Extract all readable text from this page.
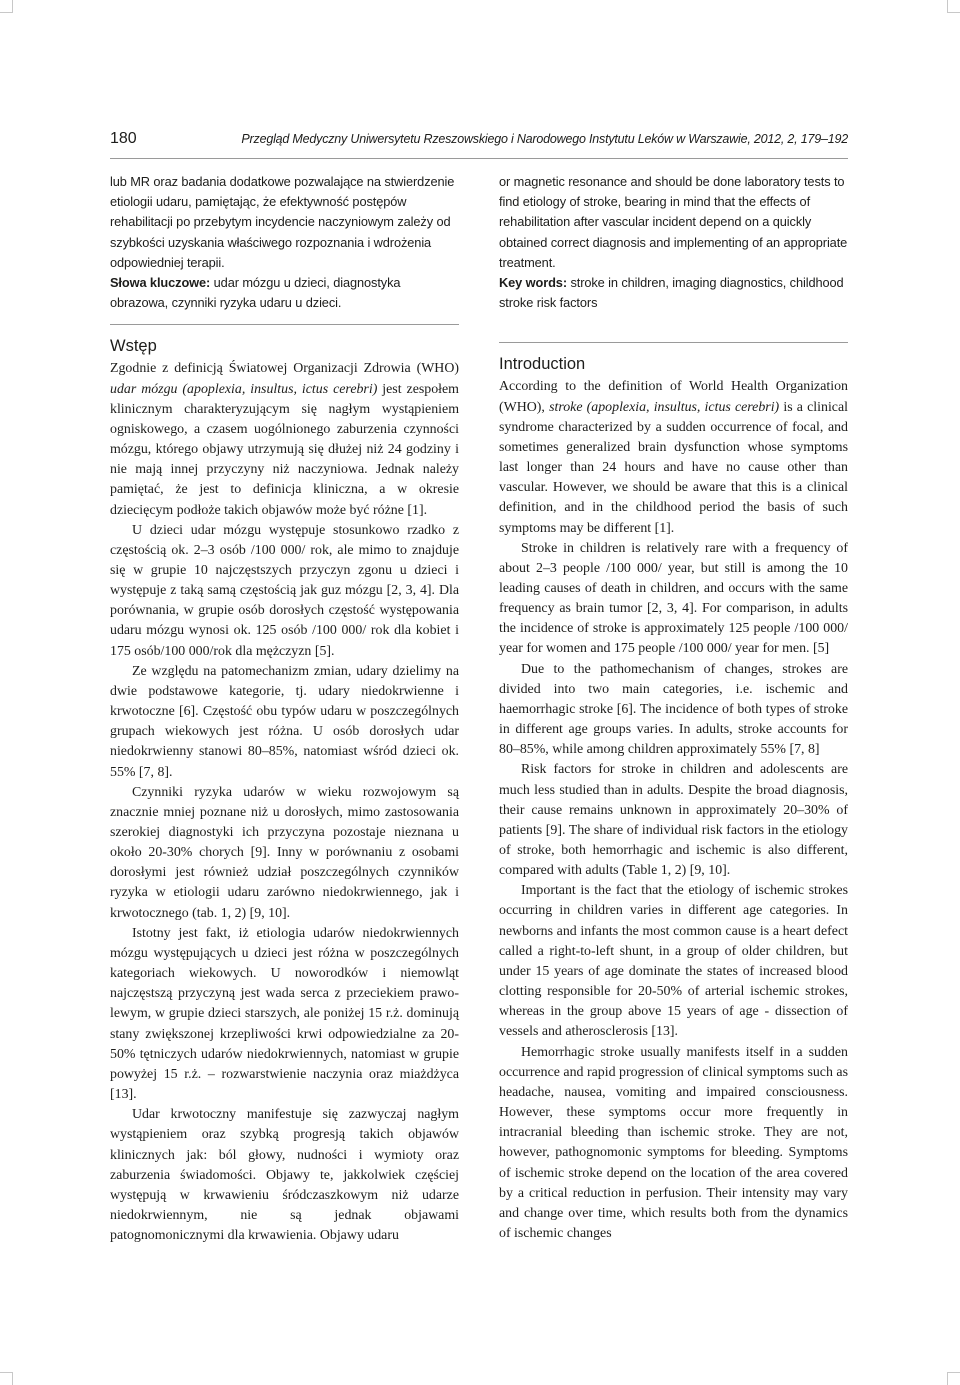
180	Przegląd Medyczny Uniwersytetu Rzeszowskiego i Narodowego Instytutu Leków w Warszawie, 2012, 2, 179–192

lub MR oraz badania dodatkowe pozwalające na stwierdzenie etiologii udaru, pamiętając, że efektywność postępów rehabilitacji po przebytym incydencie naczyniowym zależy od szybkości uzyskania właściwego rozpoznania i wdrożenia odpowiedniej terapii.

Słowa kluczowe: udar mózgu u dzieci, diagnostyka obrazowa, czynniki ryzyka udaru u dzieci.

Wstęp

Zgodnie z definicją Światowej Organizacji Zdrowia (WHO) udar mózgu (apoplexia, insultus, ictus cerebri) jest zespołem klinicznym charakteryzującym się nagłym wystąpieniem ogniskowego, a czasem uogólnionego zaburzenia czynności mózgu, którego objawy utrzymują się dłużej niż 24 godziny i nie mają innej przyczyny niż naczyniowa. Jednak należy pamiętać, że jest to definicja kliniczna, a w okresie dziecięcym podłoże takich objawów może być różne [1].

U dzieci udar mózgu występuje stosunkowo rzadko z częstością ok. 2–3 osób /100 000/ rok, ale mimo to znajduje się w grupie 10 najczęstszych przyczyn zgonu u dzieci i występuje z taką samą częstością jak guz mózgu [2, 3, 4]. Dla porównania, w grupie osób dorosłych częstość występowania udaru mózgu wynosi ok. 125 osób /100 000/ rok dla kobiet i 175 osób/100 000/rok dla mężczyzn [5].

Ze względu na patomechanizm zmian, udary dzielimy na dwie podstawowe kategorie, tj. udary niedokrwienne i krwotoczne [6]. Częstość obu typów udaru w poszczególnych grupach wiekowych jest różna. U osób dorosłych udar niedokrwienny stanowi 80–85%, natomiast wśród dzieci ok. 55% [7, 8].

Czynniki ryzyka udarów w wieku rozwojowym są znacznie mniej poznane niż u dorosłych, mimo zastosowania szerokiej diagnostyki ich przyczyna pozostaje nieznana u około 20-30% chorych [9]. Inny w porównaniu z osobami dorosłymi jest również udział poszczególnych czynników ryzyka w etiologii udaru zarówno niedokrwiennego, jak i krwotocznego (tab. 1, 2) [9, 10].

Istotny jest fakt, iż etiologia udarów niedokrwiennych mózgu występujących u dzieci jest różna w poszczególnych kategoriach wiekowych. U noworodków i niemowląt najczęstszą przyczyną jest wada serca z przeciekiem prawo-lewym, w grupie dzieci starszych, ale poniżej 15 r.ż. dominują stany zwiększonej krzepliwości krwi odpowiedzialne za 20-50% tętniczych udarów niedokrwiennych, natomiast w grupie powyżej 15 r.ż. – rozwarstwienie naczynia oraz miażdżyca [13].

Udar krwotoczny manifestuje się zazwyczaj nagłym wystąpieniem oraz szybką progresją takich objawów klinicznych jak: ból głowy, nudności i wymioty oraz zaburzenia świadomości. Objawy te, jakkolwiek częściej występują w krwawieniu śródczaszkowym niż udarze niedokrwiennym, nie są jednak objawami patognomonicznymi dla krwawienia. Objawy udaru

or magnetic resonance and should be done laboratory tests to find etiology of stroke, bearing in mind that the effects of rehabilitation after vascular incident depend on a quickly obtained correct diagnosis and implementing of an appropriate treatment.

Key words: stroke in children, imaging diagnostics, childhood stroke risk factors

Introduction

According to the definition of World Health Organization (WHO), stroke (apoplexia, insultus, ictus cerebri) is a clinical syndrome characterized by a sudden occurrence of focal, and sometimes generalized brain dysfunction whose symptoms last longer than 24 hours and have no cause other than vascular. However, we should be aware that this is a clinical definition, and in the childhood period the basis of such symptoms may be different [1].

Stroke in children is relatively rare with a frequency of about 2–3 people /100 000/ year, but still is among the 10 leading causes of death in children, and occurs with the same frequency as brain tumor [2, 3, 4]. For comparison, in adults the incidence of stroke is approximately 125 people /100 000/ year for women and 175 people /100 000/ year for men. [5]

Due to the pathomechanism of changes, strokes are divided into two main categories, i.e. ischemic and haemorrhagic stroke [6]. The incidence of both types of stroke in different age groups varies. In adults, stroke accounts for 80–85%, while among children approximately 55% [7, 8]

Risk factors for stroke in children and adolescents are much less studied than in adults. Despite the broad diagnosis, their cause remains unknown in approximately 20–30% of patients [9]. The share of individual risk factors in the etiology of stroke, both hemorrhagic and ischemic is also different, compared with adults (Table 1, 2) [9, 10].

Important is the fact that the etiology of ischemic strokes occurring in children varies in different age categories. In newborns and infants the most common cause is a heart defect called a right-to-left shunt, in a group of older children, but under 15 years of age dominate the states of increased blood clotting responsible for 20-50% of arterial ischemic strokes, whereas in the group above 15 years of age - dissection of vessels and atherosclerosis [13].

Hemorrhagic stroke usually manifests itself in a sudden occurrence and rapid progression of clinical symptoms such as headache, nausea, vomiting and impaired consciousness. However, these symptoms occur more frequently in intracranial bleeding than ischemic stroke. They are not, however, pathognomonic symptoms for bleeding. Symptoms of ischemic stroke depend on the location of the area covered by a critical reduction in perfusion. Their intensity may vary and change over time, which results both from the dynamics of ischemic changes
